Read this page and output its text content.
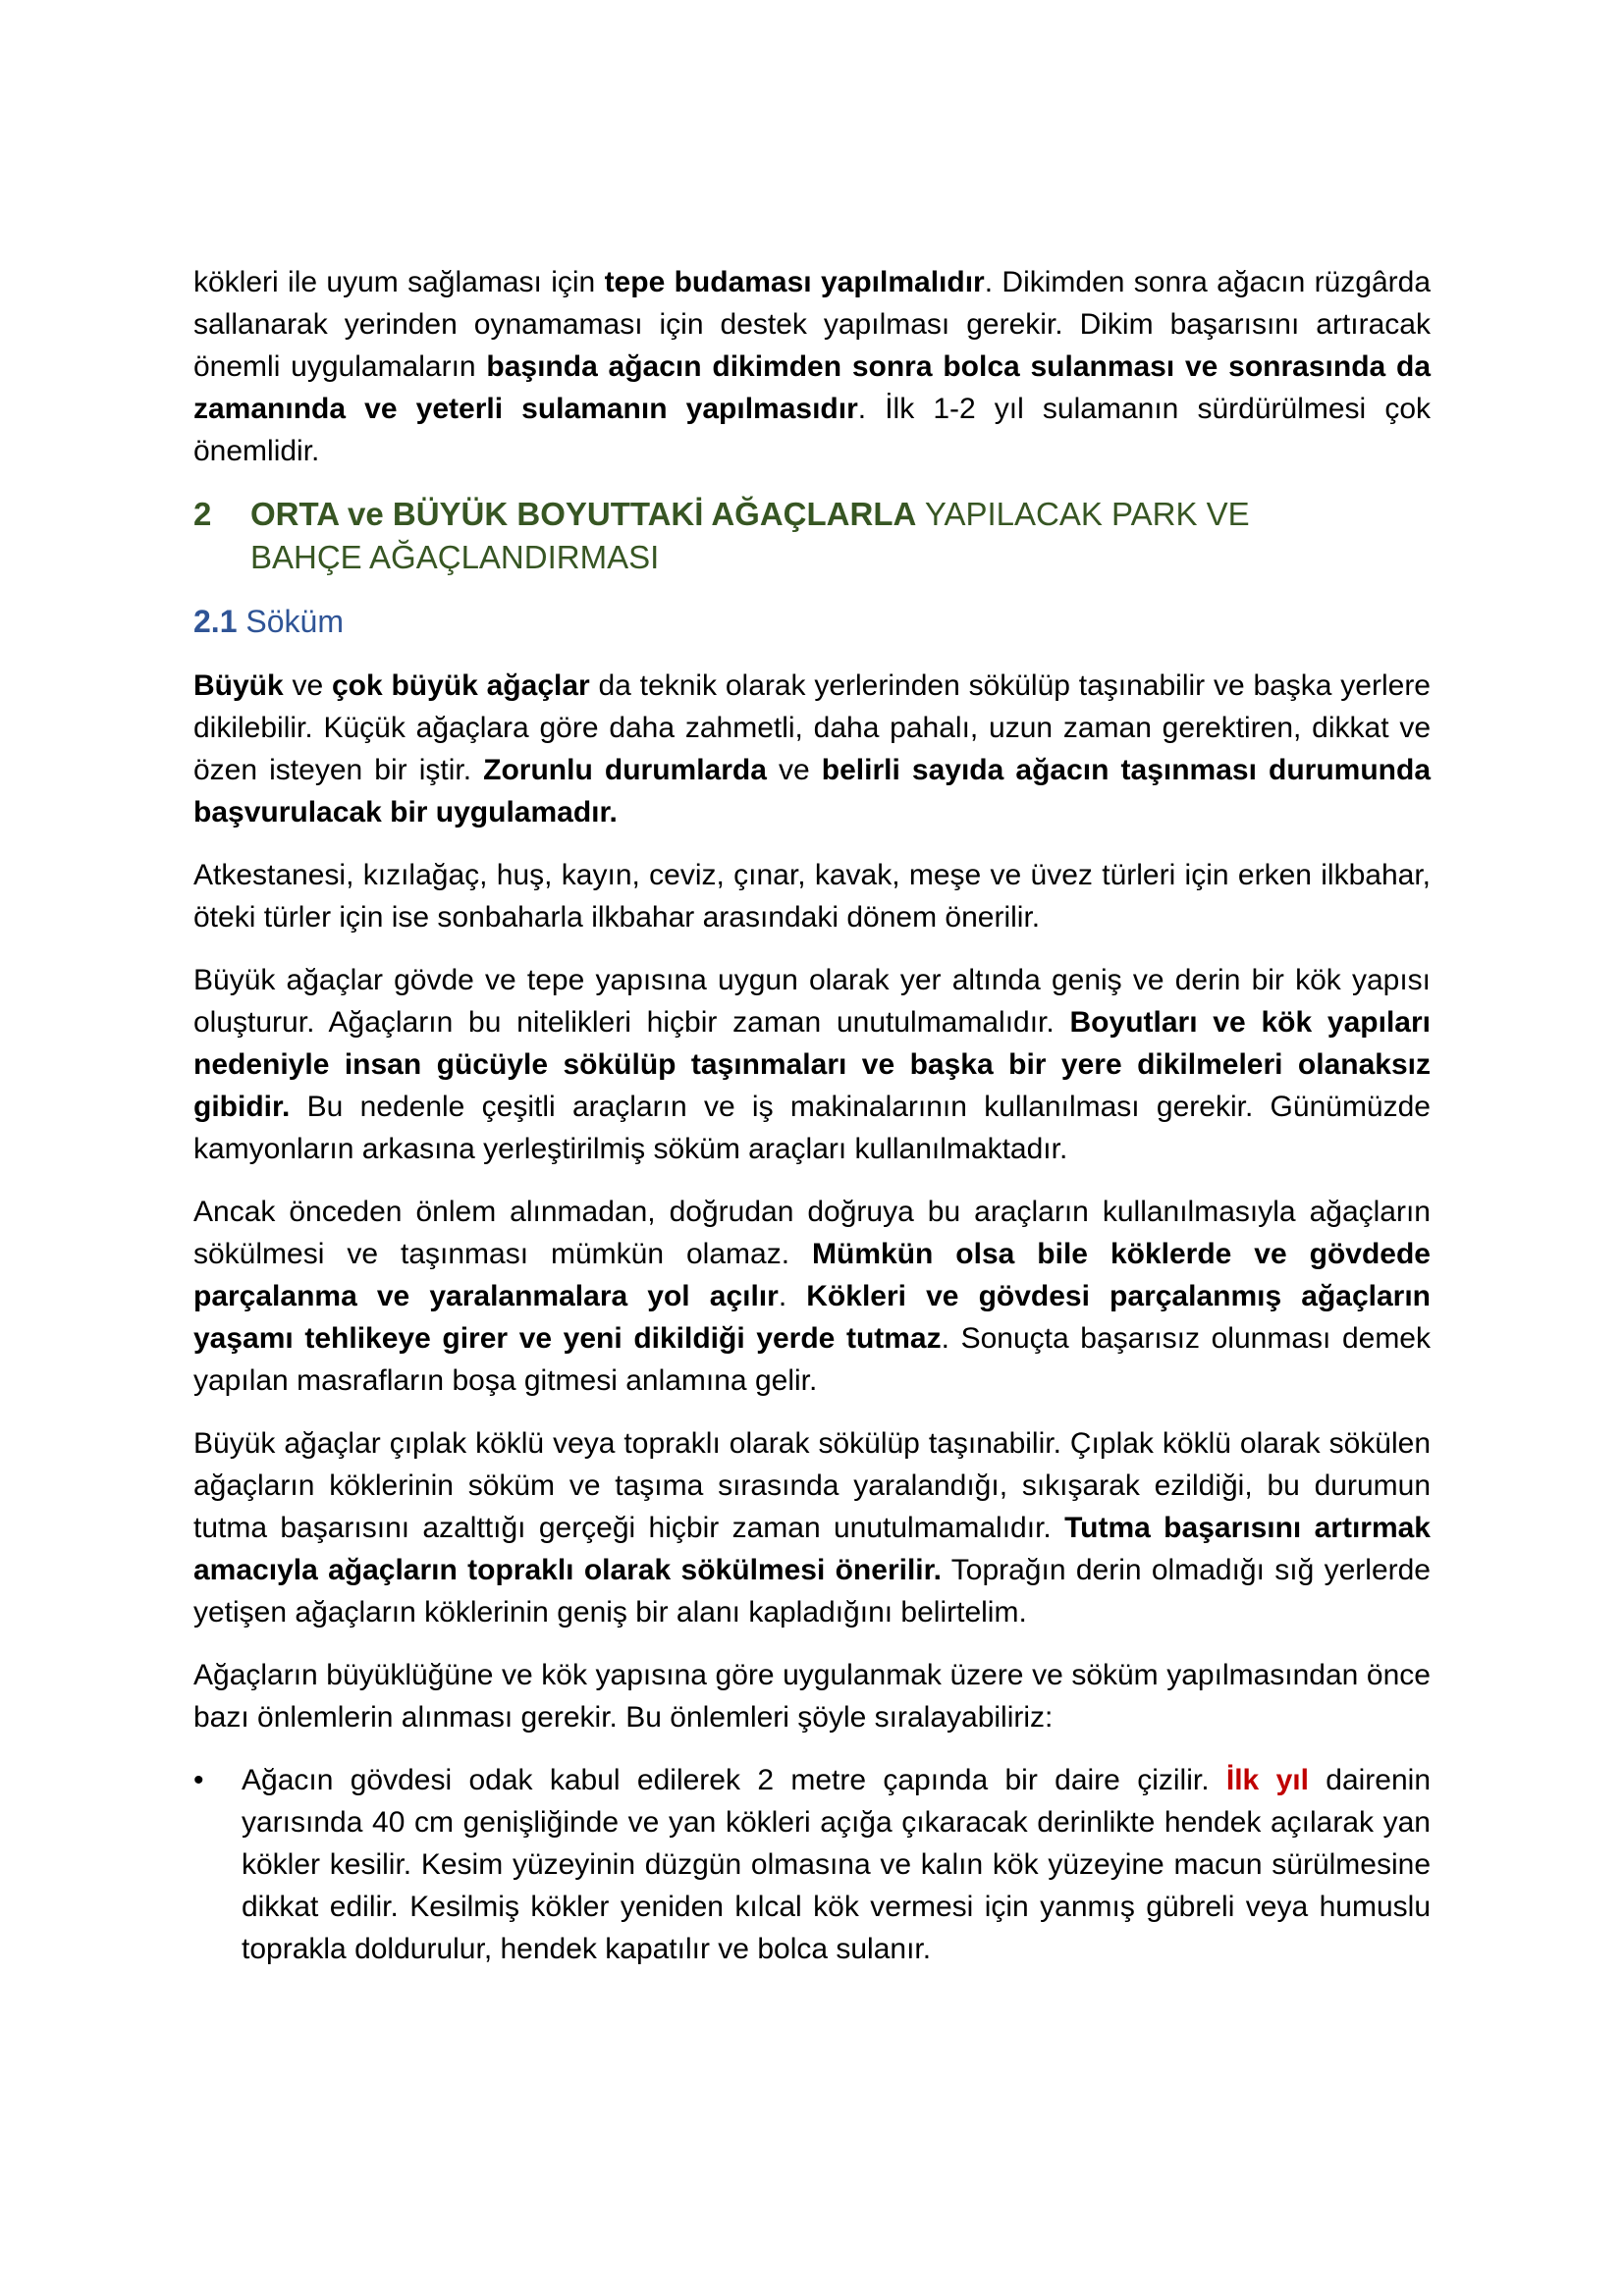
kökleri ile uyum sağlaması için tepe budaması yapılmalıdır. Dikimden sonra ağacın rüzgârda sallanarak yerinden oynamaması için destek yapılması gerekir. Dikim başarısını artıracak önemli uygulamaların başında ağacın dikimden sonra bolca sulanması ve sonrasında da zamanında ve yeterli sulamanın yapılmasıdır. İlk 1-2 yıl sulamanın sürdürülmesi çok önemlidir.

2	ORTA ve BÜYÜK BOYUTTAKİ AĞAÇLARLA YAPILACAK PARK VE
BAHÇE AĞAÇLANDIRMASI
2.1 Söküm

Büyük ve çok büyük ağaçlar da teknik olarak yerlerinden sökülüp taşınabilir ve başka yerlere dikilebilir. Küçük ağaçlara göre daha zahmetli, daha pahalı, uzun zaman gerektiren, dikkat ve özen isteyen bir iştir. Zorunlu durumlarda ve belirli sayıda ağacın taşınması durumunda başvurulacak bir uygulamadır.

Atkestanesi, kızılağaç, huş, kayın, ceviz, çınar, kavak, meşe ve üvez türleri için erken ilkbahar, öteki türler için ise sonbaharla ilkbahar arasındaki dönem önerilir.

Büyük ağaçlar gövde ve tepe yapısına uygun olarak yer altında geniş ve derin bir kök yapısı oluşturur. Ağaçların bu nitelikleri hiçbir zaman unutulmamalıdır. Boyutları ve kök yapıları nedeniyle insan gücüyle sökülüp taşınmaları ve başka bir yere dikilmeleri olanaksız gibidir. Bu nedenle çeşitli araçların ve iş makinalarının kullanılması gerekir. Günümüzde kamyonların arkasına yerleştirilmiş söküm araçları kullanılmaktadır.

Ancak önceden önlem alınmadan, doğrudan doğruya bu araçların kullanılmasıyla ağaçların sökülmesi ve taşınması mümkün olamaz. Mümkün olsa bile köklerde ve gövdede parçalanma ve yaralanmalara yol açılır. Kökleri ve gövdesi parçalanmış ağaçların yaşamı tehlikeye girer ve yeni dikildiği yerde tutmaz. Sonuçta başarısız olunması demek yapılan masrafların boşa gitmesi anlamına gelir.

Büyük ağaçlar çıplak köklü veya topraklı olarak sökülüp taşınabilir. Çıplak köklü olarak sökülen ağaçların köklerinin söküm ve taşıma sırasında yaralandığı, sıkışarak ezildiği, bu durumun tutma başarısını azalttığı gerçeği hiçbir zaman unutulmamalıdır. Tutma başarısını artırmak amacıyla ağaçların topraklı olarak sökülmesi önerilir. Toprağın derin olmadığı sığ yerlerde yetişen ağaçların köklerinin geniş bir alanı kapladığını belirtelim.

Ağaçların büyüklüğüne ve kök yapısına göre uygulanmak üzere ve söküm yapılmasından önce bazı önlemlerin alınması gerekir. Bu önlemleri şöyle sıralayabiliriz:

•	Ağacın gövdesi odak kabul edilerek 2 metre çapında bir daire çizilir. İlk yıl dairenin yarısında 40 cm genişliğinde ve yan kökleri açığa çıkaracak derinlikte hendek açılarak yan kökler kesilir. Kesim yüzeyinin düzgün olmasına ve kalın kök yüzeyine macun sürülmesine dikkat edilir. Kesilmiş kökler yeniden kılcal kök vermesi için yanmış gübreli veya humuslu toprakla doldurulur, hendek kapatılır ve bolca sulanır.
